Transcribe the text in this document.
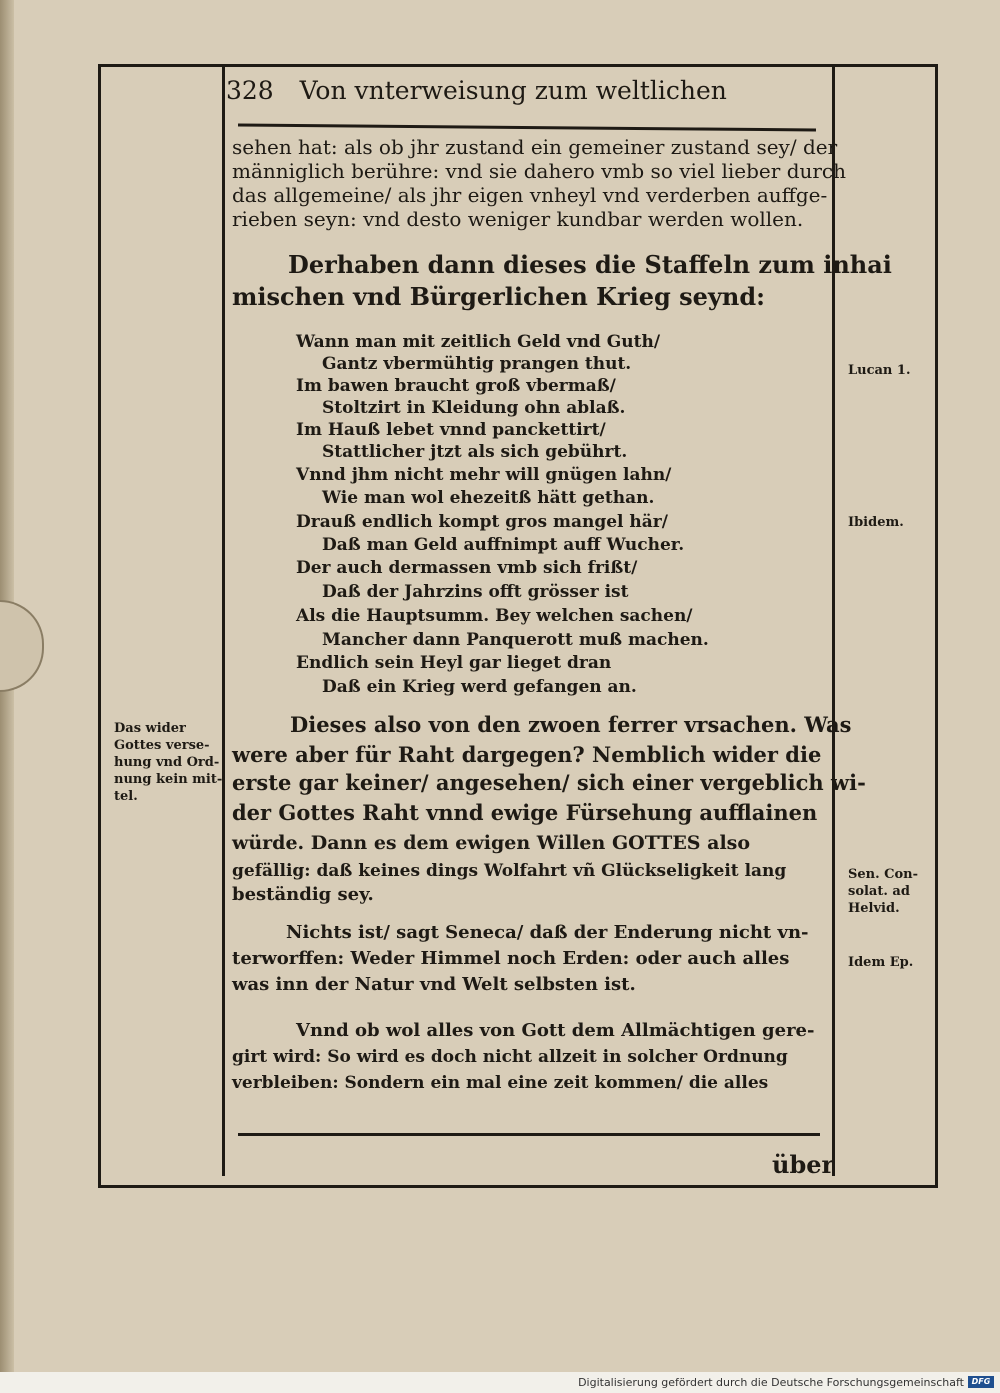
328 Von vnterweisung zum weltlichen
sehen hat: als ob jhr zustand ein gemeiner zustand sey/ der
männiglich berühre: vnd sie dahero vmb so viel lieber durch
das allgemeine/ als jhr eigen vnheyl vnd verderben auffge-
rieben seyn: vnd desto weniger kundbar werden wollen.
Derhaben dann dieses die Staffeln zum inhai
mischen vnd Bürgerlichen Krieg seynd:
Wann man mit zeitlich Geld vnd Guth/
Gantz vbermühtig prangen thut.
Im bawen braucht groß vbermaß/
Stoltzirt in Kleidung ohn ablaß.
Im Hauß lebet vnnd panckettirt/
Stattlicher jtzt als sich gebührt.
Vnnd jhm nicht mehr will gnügen lahn/
Wie man wol ehezeitß hätt gethan.
Drauß endlich kompt gros mangel här/
Daß man Geld auffnimpt auff Wucher.
Der auch dermassen vmb sich frißt/
Daß der Jahrzins offt grösser ist
Als die Hauptsumm. Bey welchen sachen/
Mancher dann Panquerott muß machen.
Endlich sein Heyl gar lieget dran
Daß ein Krieg werd gefangen an.
Dieses also von den zwoen ferrer vrsachen. Was
were aber für Raht dargegen? Nemblich wider die
erste gar keiner/ angesehen/ sich einer vergeblich wi-
der Gottes Raht vnnd ewige Fürsehung aufflainen
würde. Dann es dem ewigen Willen GOTTES also
gefällig: daß keines dings Wolfahrt vñ Glückseligkeit lang
beständig sey.
Nichts ist/ sagt Seneca/ daß der Enderung nicht vn-
terworffen: Weder Himmel noch Erden: oder auch alles
was inn der Natur vnd Welt selbsten ist.
Vnnd ob wol alles von Gott dem Allmächtigen gere-
girt wird: So wird es doch nicht allzeit in solcher Ordnung
verbleiben: Sondern ein mal eine zeit kommen/ die alles
über
Das wider
Gottes verse-
hung vnd Ord-
nung kein mit-
tel.
Lucan 1.
Ibidem.
Sen. Con-
solat. ad
Helvid.
Idem Ep.
Digitalisierung gefördert durch die Deutsche Forschungsgemeinschaft DFG
